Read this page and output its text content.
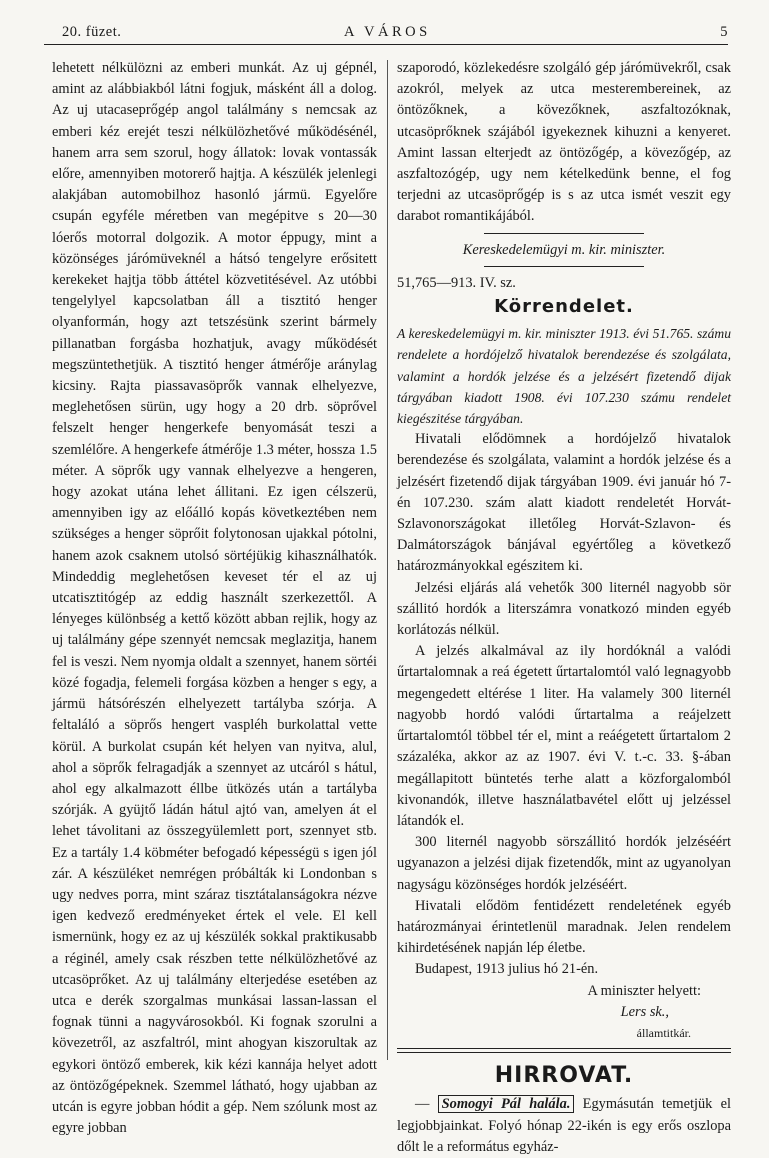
20. füzet.	A VÁROS	5

lehetett nélkülözni az emberi munkát. Az uj gépnél, amint az alábbiakból látni fogjuk, másként áll a dolog. Az uj utacaseprőgép angol találmány s nemcsak az emberi kéz erejét teszi nélkülözhetővé működésénél, hanem arra sem szorul, hogy állatok: lovak vontassák előre, amennyiben motorerő hajtja. A készülék jelenlegi alakjában automobilhoz hasonló jármü. Egyelőre csupán egyféle méretben van megépitve s 20—30 lóerős motorral dolgozik. A motor éppugy, mint a közönséges járómüveknél a hátsó tengelyre erősitett kerekeket hajtja több áttétel közvetitésével. Az utóbbi tengelylyel kapcsolatban áll a tisztitó henger olyanformán, hogy azt tetszésünk szerint bármely pillanatban forgásba hozhatjuk, avagy működését megszüntethetjük. A tisztitó henger átmérője aránylag kicsiny. Rajta piassavasöprők vannak elhelyezve, meglehetősen sürün, ugy hogy a 20 drb. söprővel felszelt henger hengerkefe benyomását teszi a szemlélőre. A hengerkefe átmérője 1.3 méter, hossza 1.5 méter. A söprők ugy vannak elhelyezve a hengeren, hogy azokat utána lehet állitani. Ez igen célszerü, amennyiben igy az előálló kopás következtében nem szükséges a henger söprőit folytonosan ujakkal pótolni, hanem azok csaknem utolsó sörtéjükig kihasználhatók. Mindeddig meglehetősen keveset tér el az uj utcatisztitógép az eddig használt szerkezettől. A lényeges különbség a kettő között abban rejlik, hogy az uj találmány gépe szennyét nemcsak meglazitja, hanem fel is veszi. Nem nyomja oldalt a szennyet, hanem sörtéi közé fogadja, felemeli forgása közben a henger s egy, a jármü hátsórészén elhelyezett tartályba szórja. A feltaláló a söprős hengert vaspléh burkolattal vette körül. A burkolat csupán két helyen van nyitva, alul, ahol a söprők felragadják a szennyet az utcáról s hátul, ahol egy alkalmazott éllbe ütközés után a tartályba szórják. A gyüjtő ládán hátul ajtó van, amelyen át el lehet távolitani az összegyülemlett port, szennyet stb. Ez a tartály 1.4 köbméter befogadó képességü s igen jól zár. A készüléket nemrégen próbálták ki Londonban s ugy nedves porra, mint száraz tisztátalanságokra nézve igen kedvező eredményeket értek el vele. El kell ismernünk, hogy ez az uj készülék sokkal praktikusabb a réginél, amely csak részben tette nélkülözhetővé az utcasöprőket. Az uj találmány elterjedése esetében az utca e derék szorgalmas munkásai lassan-lassan el fognak tünni a nagyvárosokból. Ki fognak szorulni a kövezetről, az aszfaltról, mint ahogyan kiszorultak az egykori öntöző emberek, kik kézi kannája helyet adott az öntözőgépeknek. Szemmel látható, hogy ujabban az utcán is egyre jobban hódit a gép. Nem szólunk most az egyre jobban

szaporodó, közlekedésre szolgáló gép járómüvekről, csak azokról, melyek az utca mesterembereinek, az öntözőknek, a kövezőknek, aszfaltozóknak, utcasöprőknek szájából igyekeznek kihuzni a kenyeret. Amint lassan elterjedt az öntözőgép, a kövezőgép, az aszfaltozógép, ugy nem kételkedünk benne, el fog terjedni az utcasöprőgép is s az utca ismét veszit egy darabot romantikájából.

Kereskedelemügyi m. kir. miniszter.

51,765—913. IV. sz.

Körrendelet.

A kereskedelemügyi m. kir. miniszter 1913. évi 51.765. számu rendelete a hordójelző hivatalok berendezése és szolgálata, valamint a hordók jelzése és a jelzésért fizetendő dijak tárgyában kiadott 1908. évi 107.230 számu rendelet kiegészitése tárgyában.

Hivatali elődömnek a hordójelző hivatalok berendezése és szolgálata, valamint a hordók jelzése és a jelzésért fizetendő dijak tárgyában 1909. évi január hó 7-én 107.230. szám alatt kiadott rendeletét Horvát-Szlavonországokat illetőleg Horvát-Szlavon- és Dalmátországok bánjával egyértőleg a következő határozmányokkal egészitem ki.

Jelzési eljárás alá vehetők 300 liternél nagyobb sör szállitó hordók a literszámra vonatkozó minden egyéb korlátozás nélkül.

A jelzés alkalmával az ily hordóknál a valódi űrtartalomnak a reá égetett űrtartalomtól való legnagyobb megengedett eltérése 1 liter. Ha valamely 300 liternél nagyobb hordó valódi űrtartalma a reájelzett űrtartalomtól többel tér el, mint a reáégetett űrtartalom 2 százaléka, akkor az az 1907. évi V. t.-c. 33. §-ában megállapitott büntetés terhe alatt a közforgalomból kivonandók, illetve használatbavétel előtt uj jelzéssel látandók el.

300 liternél nagyobb sörszállitó hordók jelzéséért ugyanazon a jelzési dijak fizetendők, mint az ugyanolyan nagyságu közönséges hordók jelzéséért.

Hivatali elődöm fentidézett rendeletének egyéb határozmányai érintetlenül maradnak. Jelen rendelem kihirdetésének napján lép életbe.

Budapest, 1913 julius hó 21-én.

A miniszter helyett:

Lers sk.,

államtitkár.

HIRROVAT.

— Somogyi Pál halála. Egymásután temetjük el legjobbjainkat. Folyó hónap 22-ikén is egy erős oszlopa dőlt le a református egyház-
